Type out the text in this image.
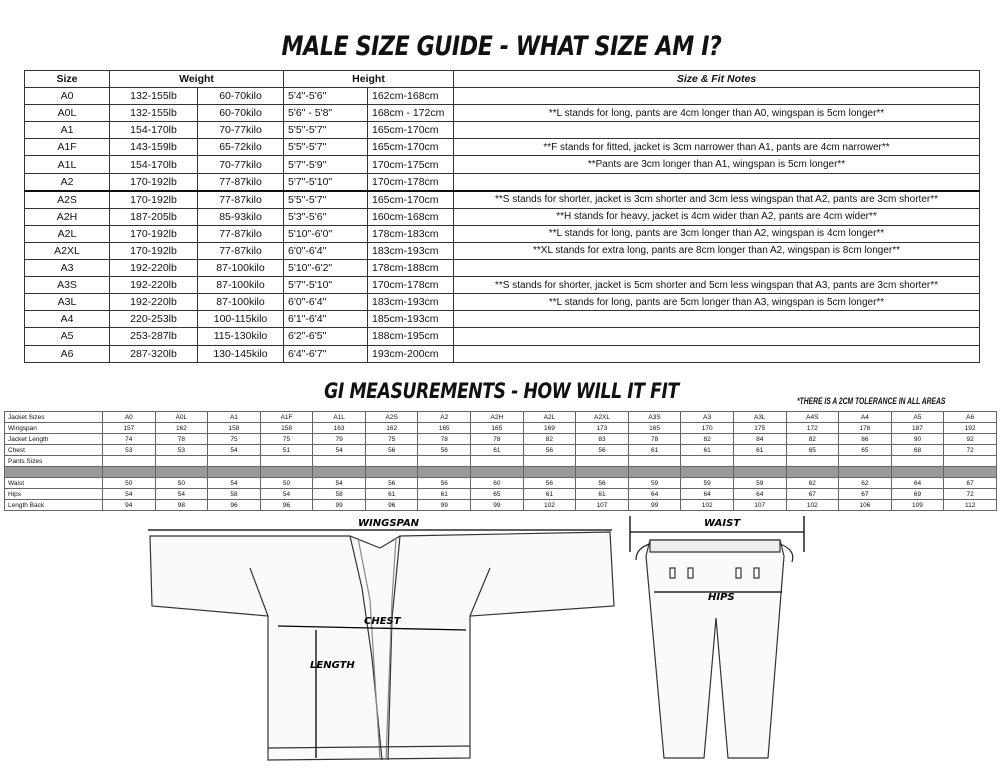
MALE SIZE GUIDE - WHAT SIZE AM I?
Size	Weight		Height		Size & Fit Notes
A0	132-155lb	60-70kilo	5'4"-5'6"	162cm-168cm	
A0L	132-155lb	60-70kilo	5'6" - 5'8"	168cm - 172cm	**L stands for long, pants are 4cm longer than A0, wingspan is 5cm longer**
A1	154-170lb	70-77kilo	5'5"-5'7"	165cm-170cm	
A1F	143-159lb	65-72kilo	5'5"-5'7"	165cm-170cm	**F stands for fitted, jacket is 3cm narrower than A1, pants are 4cm narrower**
A1L	154-170lb	70-77kilo	5'7"-5'9"	170cm-175cm	**Pants are 3cm longer than A1, wingspan is 5cm longer**
A2	170-192lb	77-87kilo	5'7"-5'10"	170cm-178cm	
A2S	170-192lb	77-87kilo	5'5"-5'7"	165cm-170cm	**S stands for shorter, jacket is 3cm shorter and 3cm less wingspan that A2, pants are 3cm shorter**
A2H	187-205lb	85-93kilo	5'3"-5'6"	160cm-168cm	**H stands for heavy, jacket is 4cm wider than A2, pants are 4cm wider**
A2L	170-192lb	77-87kilo	5'10"-6'0"	178cm-183cm	**L stands for long, pants are 3cm longer than A2, wingspan is 4cm longer**
A2XL	170-192lb	77-87kilo	6'0"-6'4"	183cm-193cm	**XL stands for extra long, pants are 8cm longer than A2, wingspan is 8cm longer**
A3	192-220lb	87-100kilo	5'10"-6'2"	178cm-188cm	
A3S	192-220lb	87-100kilo	5'7"-5'10"	170cm-178cm	**S stands for shorter, jacket is 5cm shorter and 5cm less wingspan that A3, pants are 3cm shorter**
A3L	192-220lb	87-100kilo	6'0"-6'4"	183cm-193cm	**L stands for long, pants are 5cm longer than A3, wingspan is 5cm longer**
A4	220-253lb	100-115kilo	6'1"-6'4"	185cm-193cm	
A5	253-287lb	115-130kilo	6'2"-6'5"	188cm-195cm	
A6	287-320lb	130-145kilo	6'4"-6'7"	193cm-200cm	
GI MEASUREMENTS - HOW WILL IT FIT	*THERE IS A 2CM TOLERANCE IN ALL AREAS
Jacket Sizes	A0	A0L	A1	A1F	A1L	A2S	A2	A2H	A2L	A2XL	A3S	A3	A3L	A4S	A4	A5	A6
Wingspan	157	162	158	158	163	162	165	165	169	173	165	170	175	172	178	187	192
Jacket Length	74	78	75	75	79	75	78	78	82	83	78	82	84	82	86	90	92
Chest	53	53	54	51	54	56	56	61	56	56	61	61	61	65	65	68	72
Pants Sizes																	

Waist	50	50	54	50	54	56	56	60	56	56	59	59	59	62	62	64	67
Hips	54	54	58	54	58	61	61	65	61	61	64	64	64	67	67	69	72
Length Back	94	98	96	96	99	96	99	99	102	107	99	102	107	102	106	109	112
WINGSPAN
CHEST
LENGTH
WAIST
HIPS
